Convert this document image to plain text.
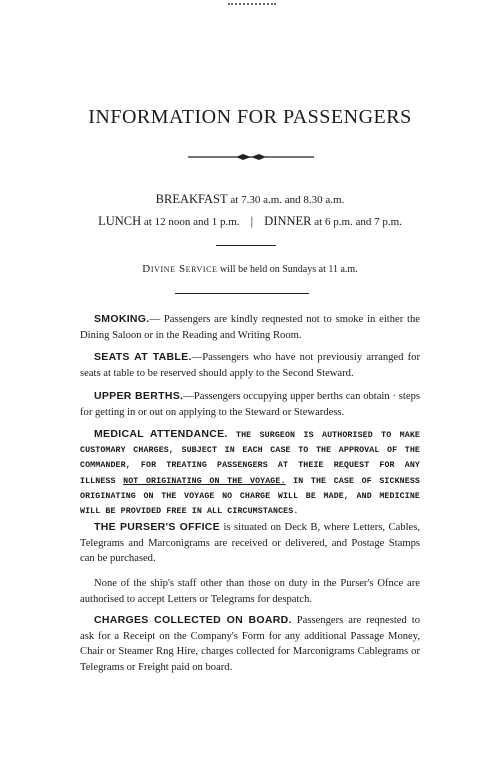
INFORMATION FOR PASSENGERS
BREAKFAST at 7.30 a.m. and 8.30 a.m.
LUNCH at 12 noon and 1 p.m. | DINNER at 6 p.m. and 7 p.m.
Divine Service will be held on Sundays at 11 a.m.
SMOKING.— Passengers are kindly reqnested not to smoke in either the Dining Saloon or in the Reading and Writing Room.
SEATS AT TABLE.—Passengers who have not previousiy arranged for seats at table to be reserved should apply to the Second Steward.
UPPER BERTHS.—Passengers occupying upper berths can obtain · steps for getting in or out on applying to the Steward or Stewardess.
MEDICAL ATTENDANCE. THE SURGEON IS AUTHORISED TO MAKE CUSTOMARY CHARGES, SUBJECT IN EACH CASE TO THE APPROVAL OF THE COMMANDER, FOR TREATING PASSENGERS AT THEIE REQUEST FOR ANY ILLNESS NOT ORIGINATING ON THE VOYAGE. IN THE CASE OF SICKNESS ORIGINATING ON THE VOYAGE NO CHARGE WILL BE MADE, AND MEDICINE WILL BE PROVIDED FREE IN ALL CIRCUMSTANCES.
THE PURSER'S OFFICE is situated on Deck B, where Letters, Cables, Telegrams and Marconigrams are received or delivered, and Postage Stamps can be purchased.
None of the ship's staff other than those on duty in the Purser's Ofnce are authorised to accept Letters or Telegrams for despatch.
CHARGES COLLECTED ON BOARD. Passengers are reqnested to ask for a Receipt on the Company's Form for any additional Passage Money, Chair or Steamer Rng Hire, charges collected for Marconigrams Cablegrams or Telegrams or Freight paid on board.
